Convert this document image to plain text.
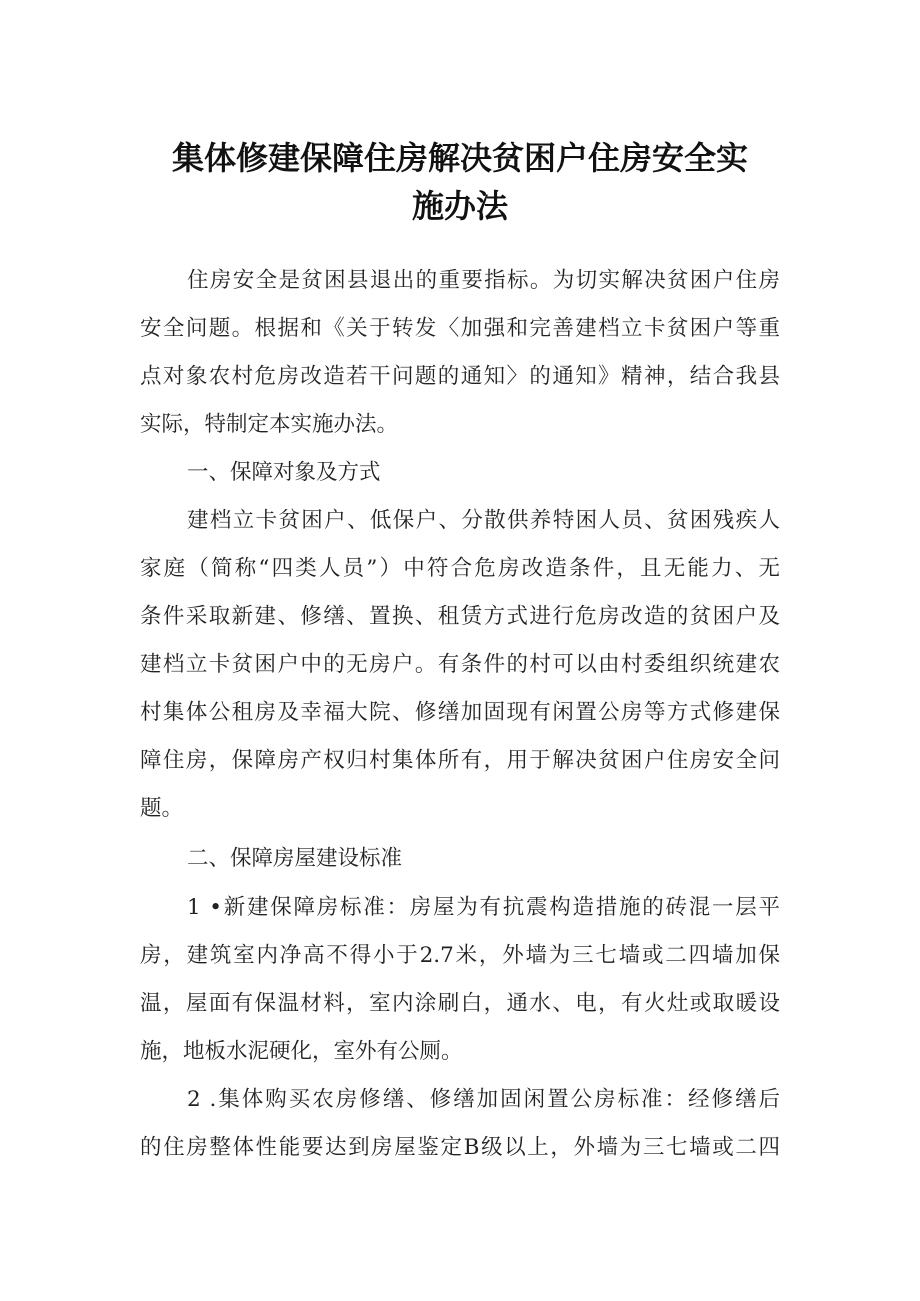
集体修建保障住房解决贫困户住房安全实
施办法
住房安全是贫困县退出的重要指标。为切实解决贫困户住房
安全问题。根据和《关于转发〈加强和完善建档立卡贫困户等重
点对象农村危房改造若干问题的通知〉的通知》精神，结合我县
实际，特制定本实施办法。
一、保障对象及方式
建档立卡贫困户、低保户、分散供养特困人员、贫困残疾人
家庭（简称“四类人员”）中符合危房改造条件，且无能力、无
条件采取新建、修缮、置换、租赁方式进行危房改造的贫困户及
建档立卡贫困户中的无房户。有条件的村可以由村委组织统建农
村集体公租房及幸福大院、修缮加固现有闲置公房等方式修建保
障住房，保障房产权归村集体所有，用于解决贫困户住房安全问
题。
二、保障房屋建设标准
1 •新建保障房标准：房屋为有抗震构造措施的砖混一层平
房，建筑室内净高不得小于2.7米，外墙为三七墙或二四墙加保
温，屋面有保温材料，室内涂刷白，通水、电，有火灶或取暖设
施，地板水泥硬化，室外有公厕。
2 .集体购买农房修缮、修缮加固闲置公房标准：经修缮后
的住房整体性能要达到房屋鉴定B级以上，外墙为三七墙或二四
